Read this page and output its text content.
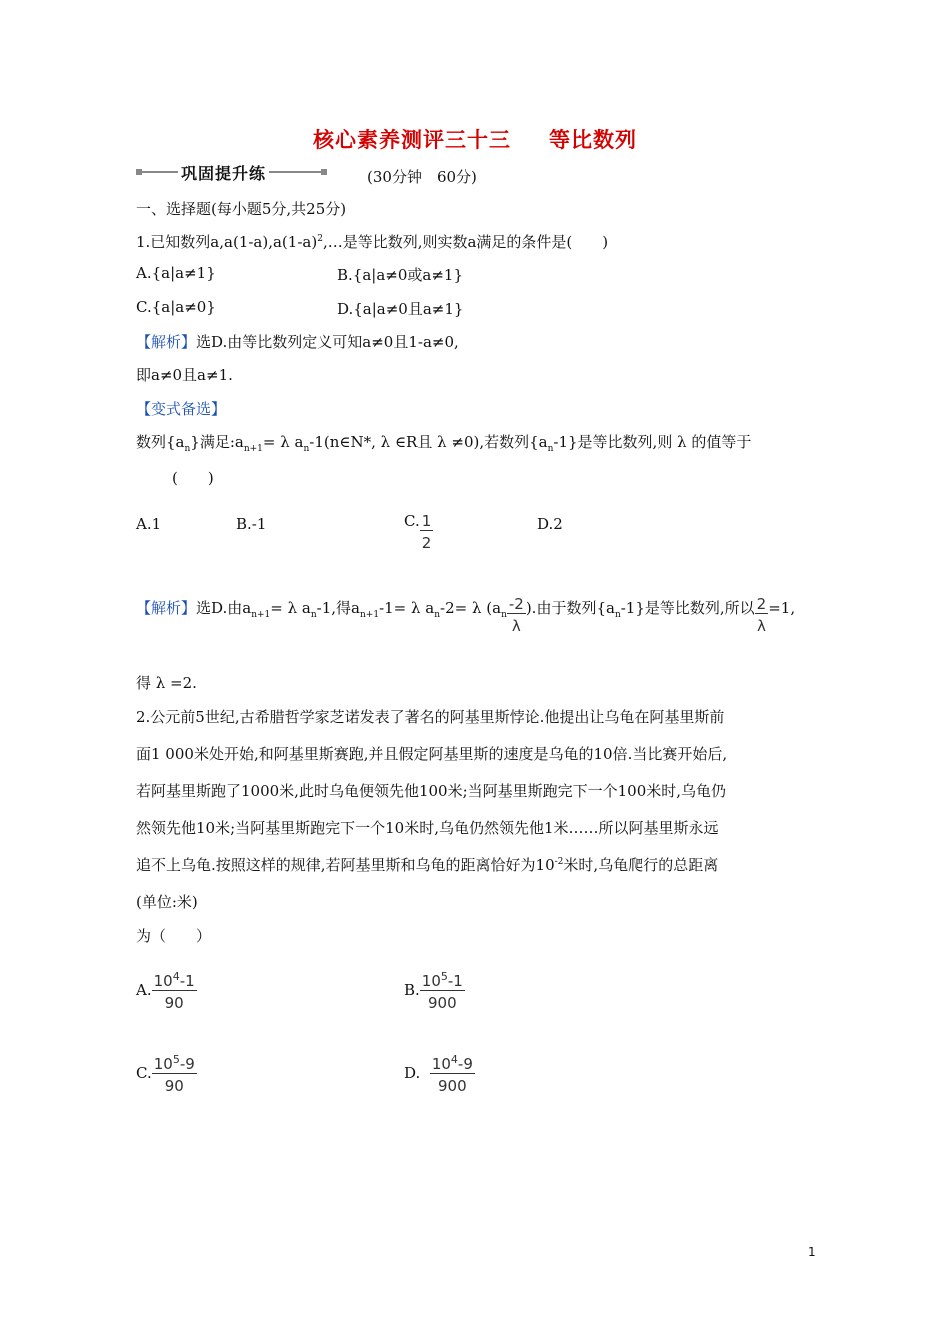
核心素养测评三十三 等比数列
巩固提升练	(30分钟　60分)
一、选择题(每小题5分,共25分)
1.已知数列$a,a(1-a),a(1-a)^2,\dots$是等比数列,则实数a满足的条件是(　　)
A.{a|a≠1}	B.{a|a≠0或a≠1}
C.{a|a≠0}	D.{a|a≠0且a≠1}
【解析】选D.由等比数列定义可知a≠0且1-a≠0,
即a≠0且a≠1.
【变式备选】
数列$\{a_n\}$满足$:a_{n+1}= \lambda$ $a_n-1(n\in N*$, λ ∈R且 λ ≠0),若数列$\{a_n-1\}$是等比数列,则 λ 的值等于
(　　)
A.1	B.-1	C. $\frac{1}{2}$	D.2
【解析】选D.由$a_{n+1}= \lambda$ $a_n-1$,得$a_{n+1}-1= \lambda$ $a_n-2= \lambda$ ($a_n \frac{-2}{\lambda}$ ).由于数列$\{a_n-1\}$是等比数列,所以 $\frac{2}{\lambda} =1$,
得 λ =2.
2.公元前5世纪,古希腊哲学家芝诺发表了著名的阿基里斯悖论.他提出让乌龟在阿基里斯前
面1 000米处开始,和阿基里斯赛跑,并且假定阿基里斯的速度是乌龟的10倍.当比赛开始后,
若阿基里斯跑了1000米,此时乌龟便领先他100米;当阿基里斯跑完下一个100米时,乌龟仍
然领先他10米;当阿基里斯跑完下一个10米时,乌龟仍然领先他1米……所以阿基里斯永远
追不上乌龟.按照这样的规律,若阿基里斯和乌龟的距离恰好为$10^{-2}$米时,乌龟爬行的总距离
(单位:米)
为（　　）
A. $\frac{10^4-1}{90}$	B. $\frac{10^5-1}{900}$
C. $\frac{10^5-9}{90}$	D. $\frac{10^4-9}{900}$
1
